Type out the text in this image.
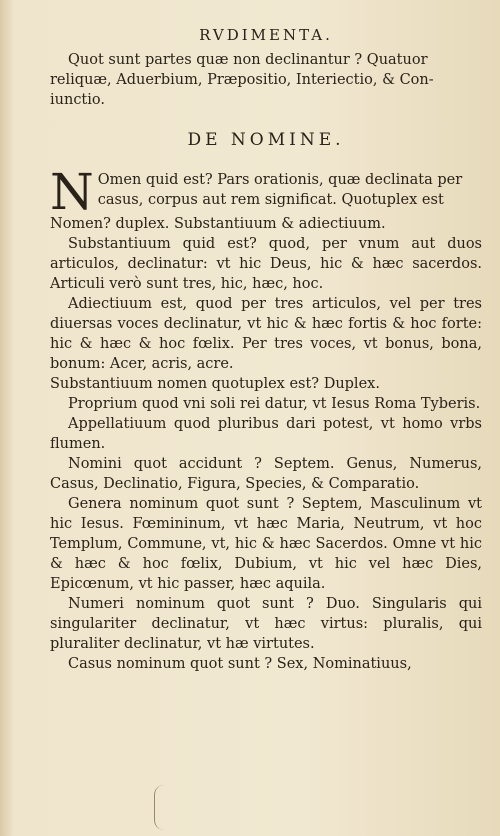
RVDIMENTA.

Quot sunt partes quæ non declinantur ? Quatuor

reliquæ, Aduerbium, Præpositio, Interiectio, & Con-

iunctio.

DE NOMINE.
N Omen quid est? Pars orationis, quæ declinata per

casus, corpus aut rem significat. Quotuplex est

Nomen? duplex. Substantiuum & adiectiuum.

Substantiuum quid est? quod, per vnum aut duos articulos, declinatur: vt hic Deus, hic & hæc sacerdos. Articuli verò sunt tres, hic, hæc, hoc.

Adiectiuum est, quod per tres articulos, vel per tres diuersas voces declinatur, vt hic & hæc fortis & hoc forte: hic & hæc & hoc fœlix. Per tres voces, vt bonus, bona, bonum: Acer, acris, acre.

Substantiuum nomen quotuplex est? Duplex.

Proprium quod vni soli rei datur, vt Iesus Roma Tyberis.

Appellatiuum quod pluribus dari potest, vt homo vrbs flumen.

Nomini quot accidunt ? Septem. Genus, Numerus, Casus, Declinatio, Figura, Species, & Comparatio.

Genera nominum quot sunt ? Septem, Masculinum vt hic Iesus. Fœmininum, vt hæc Maria, Neutrum, vt hoc Templum, Commune, vt, hic & hæc Sacerdos. Omne vt hic & hæc & hoc fœlix, Dubium, vt hic vel hæc Dies, Epicœnum, vt hic passer, hæc aquila.

Numeri nominum quot sunt ? Duo. Singularis qui singulariter declinatur, vt hæc virtus: pluralis, qui pluraliter declinatur, vt hæ virtutes.

Casus nominum quot sunt ? Sex, Nominatiuus,
